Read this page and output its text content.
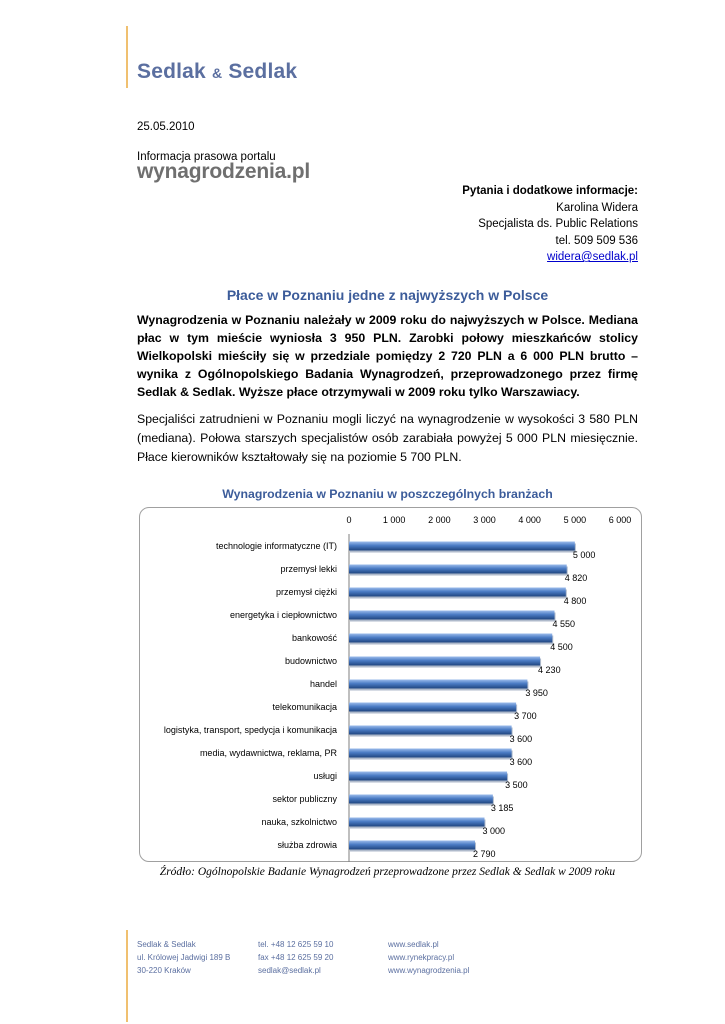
Sedlak & Sedlak
25.05.2010
Informacja prasowa portalu
wynagrodzenia.pl
Pytania i dodatkowe informacje:
Karolina Widera
Specjalista ds. Public Relations
tel. 509 509 536
widera@sedlak.pl
Płace w Poznaniu jedne z najwyższych w Polsce

Wynagrodzenia w Poznaniu należały w 2009 roku do najwyższych w Polsce. Mediana płac w tym mieście wyniosła 3 950 PLN. Zarobki połowy mieszkańców stolicy Wielkopolski mieściły się w przedziale pomiędzy 2 720 PLN a 6 000 PLN brutto – wynika z Ogólnopolskiego Badania Wynagrodzeń, przeprowadzonego przez firmę Sedlak & Sedlak. Wyższe płace otrzymywali w 2009 roku tylko Warszawiacy.

Specjaliści zatrudnieni w Poznaniu mogli liczyć na wynagrodzenie w wysokości 3 580 PLN (mediana). Połowa starszych specjalistów osób zarabiała powyżej 5 000 PLN miesięcznie. Płace kierowników kształtowały się na poziomie 5 700 PLN.

Wynagrodzenia w Poznaniu w poszczególnych branżach
0	1 000	2 000	3 000	4 000	5 000	6 000
technologie informatyczne (IT)
5 000
przemysł lekki
4 820
przemysł ciężki
4 800
energetyka i ciepłownictwo
4 550
bankowość
4 500
budownictwo
4 230
handel
3 950
telekomunikacja
3 700
logistyka, transport, spedycja i komunikacja
3 600
media, wydawnictwa, reklama, PR
3 600
usługi
3 500
sektor publiczny
3 185
nauka, szkolnictwo
3 000
służba zdrowia
2 790
Źródło: Ogólnopolskie Badanie Wynagrodzeń przeprowadzone przez Sedlak & Sedlak w 2009 roku
Sedlak & Sedlak
ul. Królowej Jadwigi 189 B
30-220 Kraków
tel. +48 12 625 59 10
fax +48 12 625 59 20
sedlak@sedlak.pl
www.sedlak.pl
www.rynekpracy.pl
www.wynagrodzenia.pl
